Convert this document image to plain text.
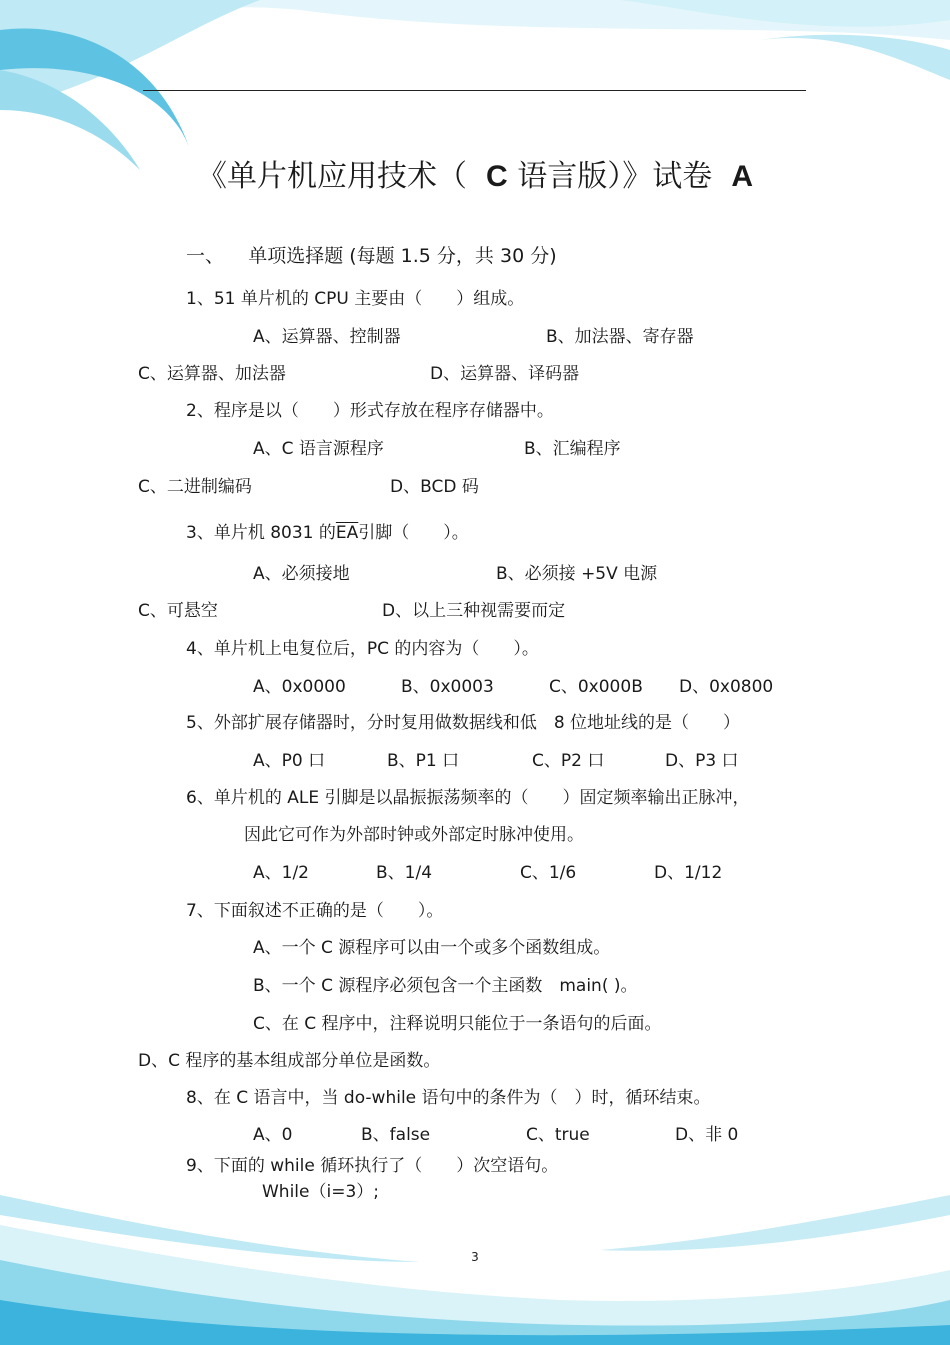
《单片机应用技术（ C 语言版）》试卷 A
一、 单项选择题 (每题 1.5 分，共 30 分)
1、51 单片机的 CPU 主要由（　　）组成。
A、运算器、控制器	B、加法器、寄存器
C、运算器、加法器	D、运算器、译码器
2、程序是以（　　）形式存放在程序存储器中。
A、C 语言源程序	B、汇编程序
C、二进制编码	D、BCD 码
3、单片机 8031 的$\overline{EA}$引脚（　　）。
A、必须接地	B、必须接 +5V 电源
C、可悬空	D、以上三种视需要而定
4、单片机上电复位后，PC 的内容为（　　）。
A、0x0000	B、0x0003	C、0x000B D、0x0800
5、外部扩展存储器时，分时复用做数据线和低　8 位地址线的是（　　）
A、P0 口	B、P1 口	C、P2 口	D、P3 口
6、单片机的 ALE 引脚是以晶振振荡频率的（　　）固定频率输出正脉冲，
因此它可作为外部时钟或外部定时脉冲使用。
A、1/2	B、1/4	C、1/6	D、1/12
7、下面叙述不正确的是（　　）。
A、一个 C 源程序可以由一个或多个函数组成。
B、一个 C 源程序必须包含一个主函数　main( )。
C、在 C 程序中，注释说明只能位于一条语句的后面。
D、C 程序的基本组成部分单位是函数。
8、在 C 语言中，当 do-while 语句中的条件为（　）时，循环结束。
A、0	B、false	C、true	D、非 0
9、下面的 while 循环执行了（　　）次空语句。
While（i=3）;
3
